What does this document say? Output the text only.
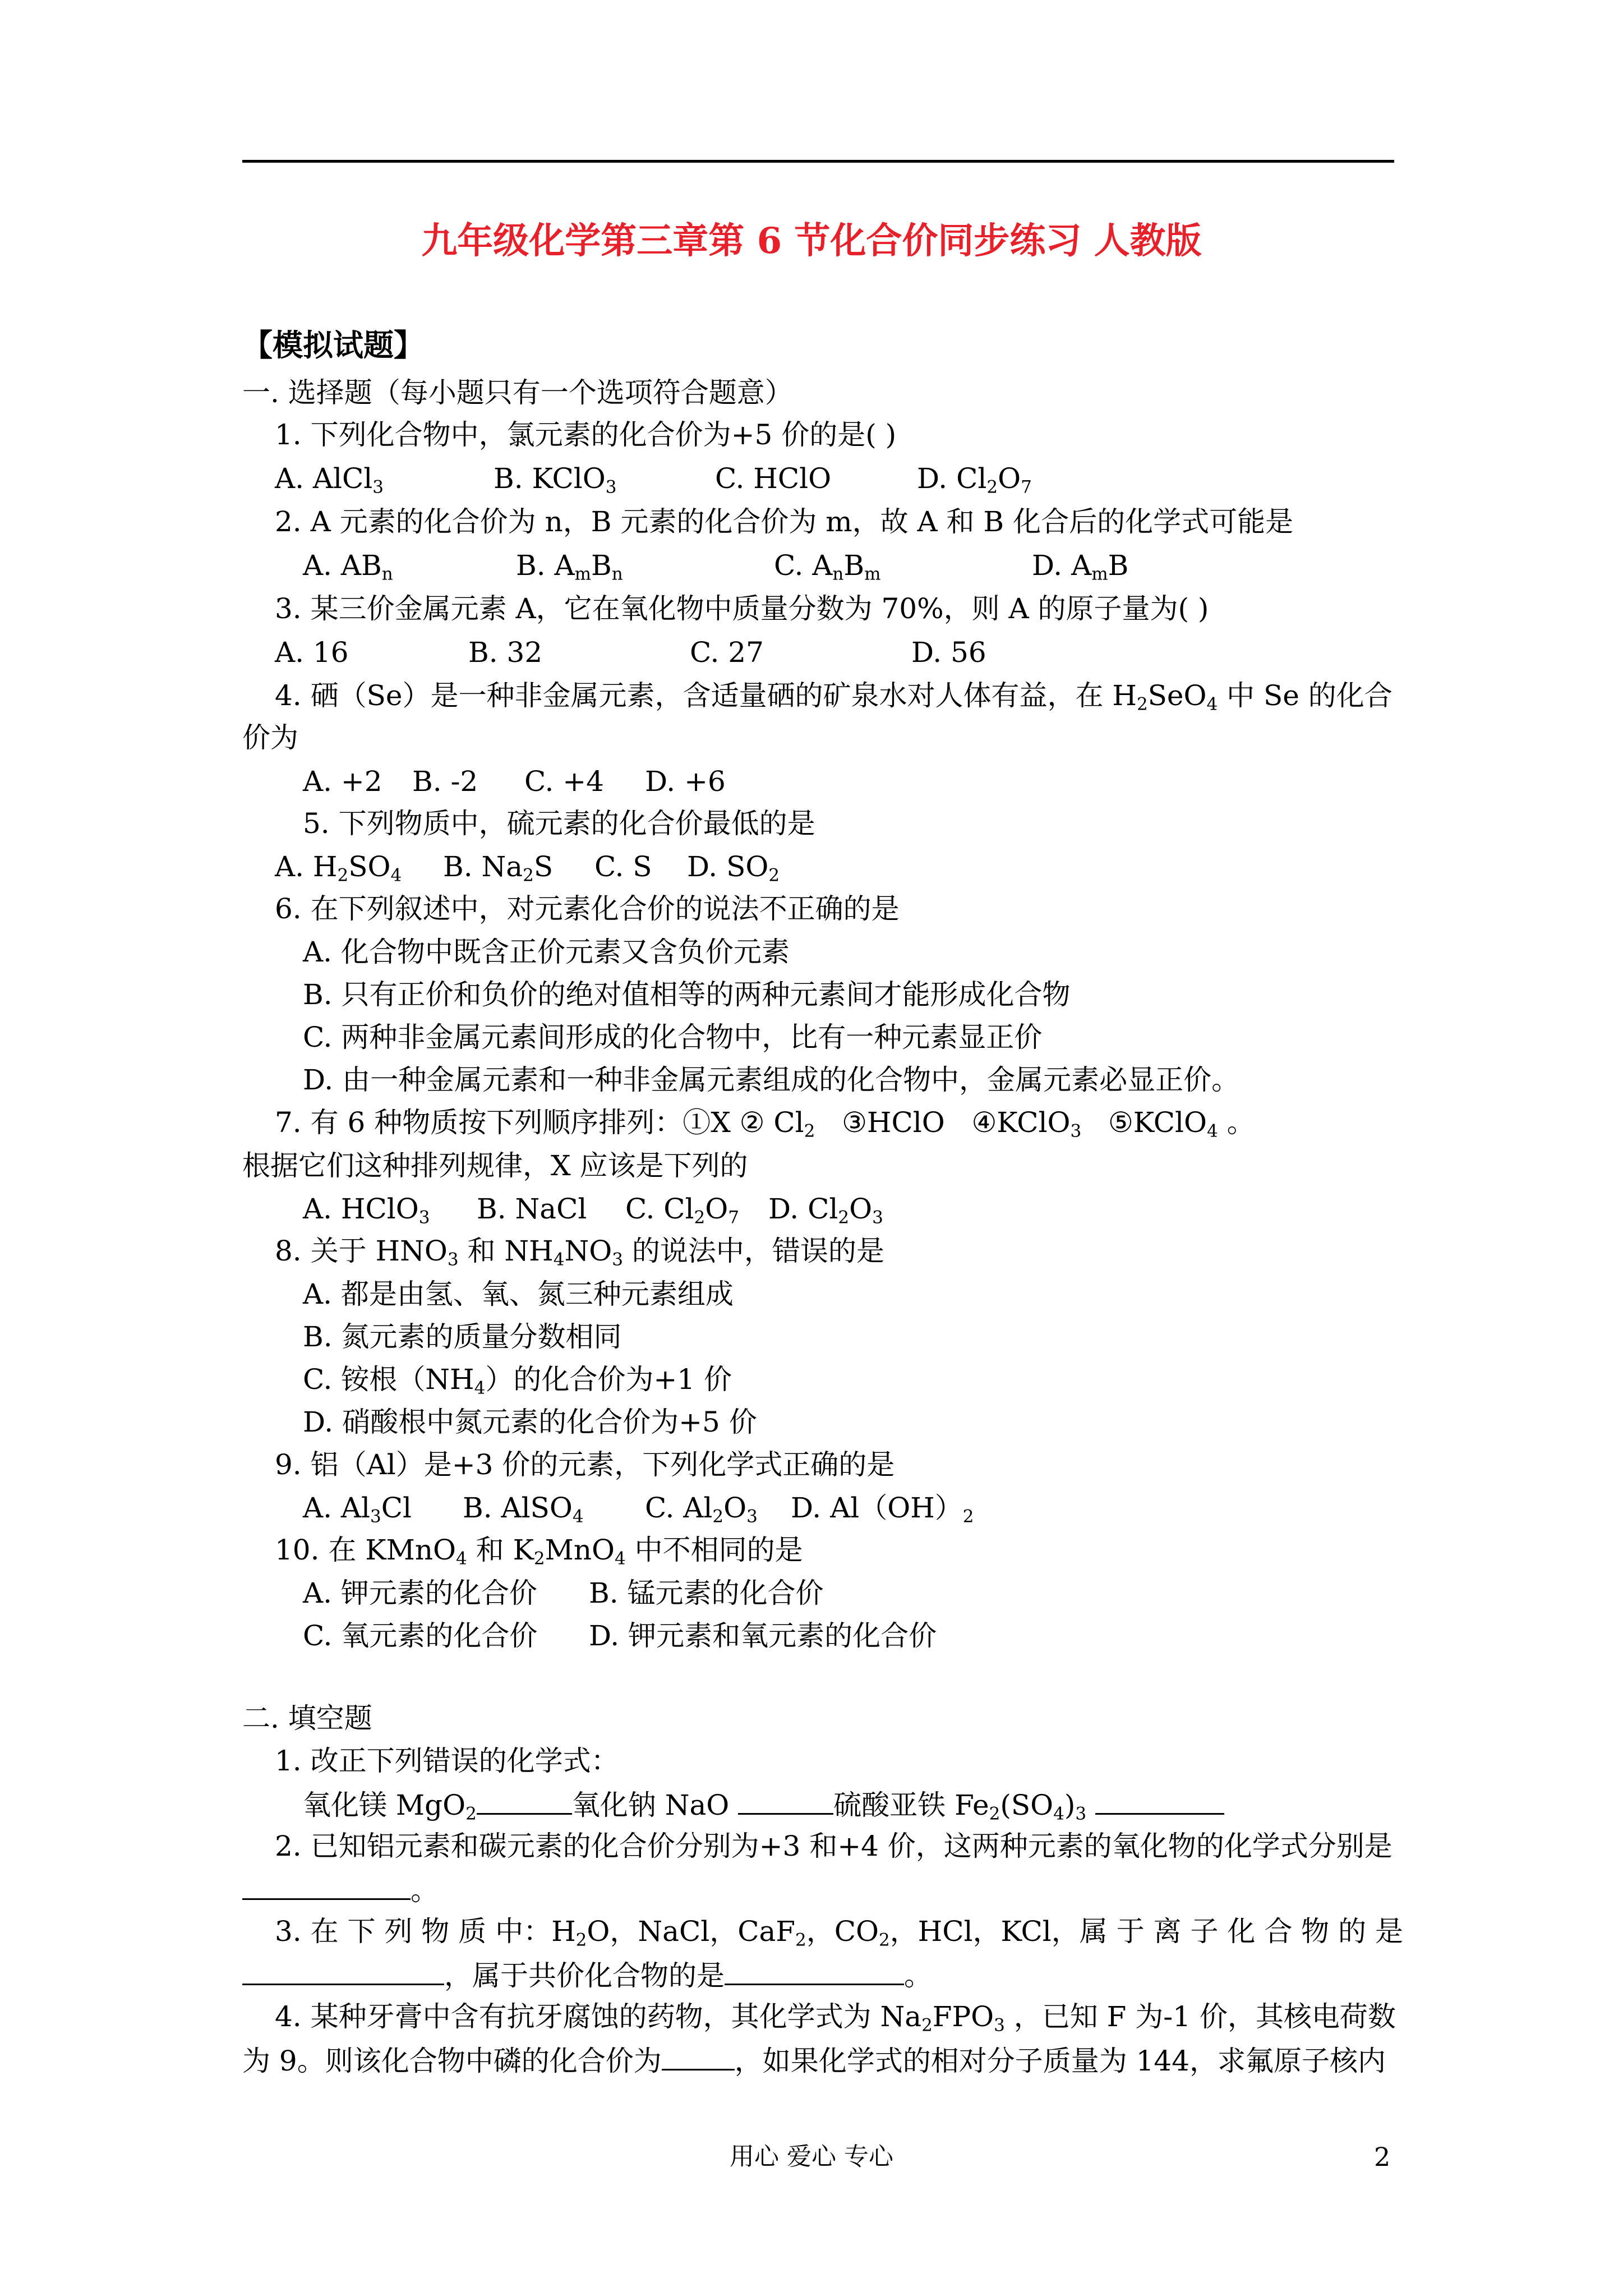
九年级化学第三章第 6 节化合价同步练习 人教版
【模拟试题】
一. 选择题（每小题只有一个选项符合题意）
1. 下列化合物中，氯元素的化合价为+5 价的是( )
A. AlCl$_3$	B. KClO$_3$	C. HClO	D. $Cl_2O_7$
2. A 元素的化合价为 n，B 元素的化合价为 m，故 A 和 B 化合后的化学式可能是
A. $AB_n$	B. $A_mB_n$	C. $A_nB_m$	D. $A_mB$
3. 某三价金属元素 A，它在氧化物中质量分数为 70%，则 A 的原子量为( )
A. 16	B. 32	C. 27	D. 56
4. 硒（Se）是一种非金属元素，含适量硒的矿泉水对人体有益，在 $H_2SeO_4$ 中 Se 的化合
价为
A. +2 B. -2 C. +4 D. +6
5. 下列物质中，硫元素的化合价最低的是
A. $H_2SO_4$ B. $Na_2S$ C. S D. $SO_2$
6. 在下列叙述中，对元素化合价的说法不正确的是
A. 化合物中既含正价元素又含负价元素
B. 只有正价和负价的绝对值相等的两种元素间才能形成化合物
C. 两种非金属元素间形成的化合物中，比有一种元素显正价
D. 由一种金属元素和一种非金属元素组成的化合物中，金属元素必显正价。
7. 有 6 种物质按下列顺序排列：①X ② $Cl_2$ ③HClO ④KClO$_3$ ⑤KClO$_4$ 。
根据它们这种排列规律，X 应该是下列的
A. HClO$_3$ B. NaCl C. $Cl_2O_7$ D. $Cl_2O_3$
8. 关于 $HNO_3$ 和 $NH_4NO_3$ 的说法中，错误的是
A. 都是由氢、氧、氮三种元素组成
B. 氮元素的质量分数相同
C. 铵根$(NH_4)$的化合价为+1 价
D. 硝酸根中氮元素的化合价为+5 价
9. 铝（Al）是+3 价的元素，下列化学式正确的是
A. $Al_3Cl$ B. AlSO$_4$ C. $Al_2O_3$ D. $Al(OH)_2$
10. 在 KMnO$_4$ 和 $K_2MnO_4$ 中不相同的是
A. 钾元素的化合价 B. 锰元素的化合价
C. 氧元素的化合价 D. 钾元素和氧元素的化合价
二. 填空题
1. 改正下列错误的化学式：
氧化镁 MgO$_2$	氧化钠 NaO	硫酸亚铁 $Fe_2(SO_4)_3$
2. 已知铝元素和碳元素的化合价分别为+3 和+4 价，这两种元素的氧化物的化学式分别是
。
3. 在 下 列 物 质 中：$H_2O$，NaCl，CaF$_2$，$CO_2$，HCl，KCl，属 于 离 子 化 合 物 的 是
，属于共价化合物的是	。
4. 某种牙膏中含有抗牙腐蚀的药物，其化学式为 $Na_2FPO_3$ ，已知 F 为-1 价，其核电荷数
为 9。则该化合物中磷的化合价为	，如果化学式的相对分子质量为 144，求氟原子核内
用心 爱心 专心	2
